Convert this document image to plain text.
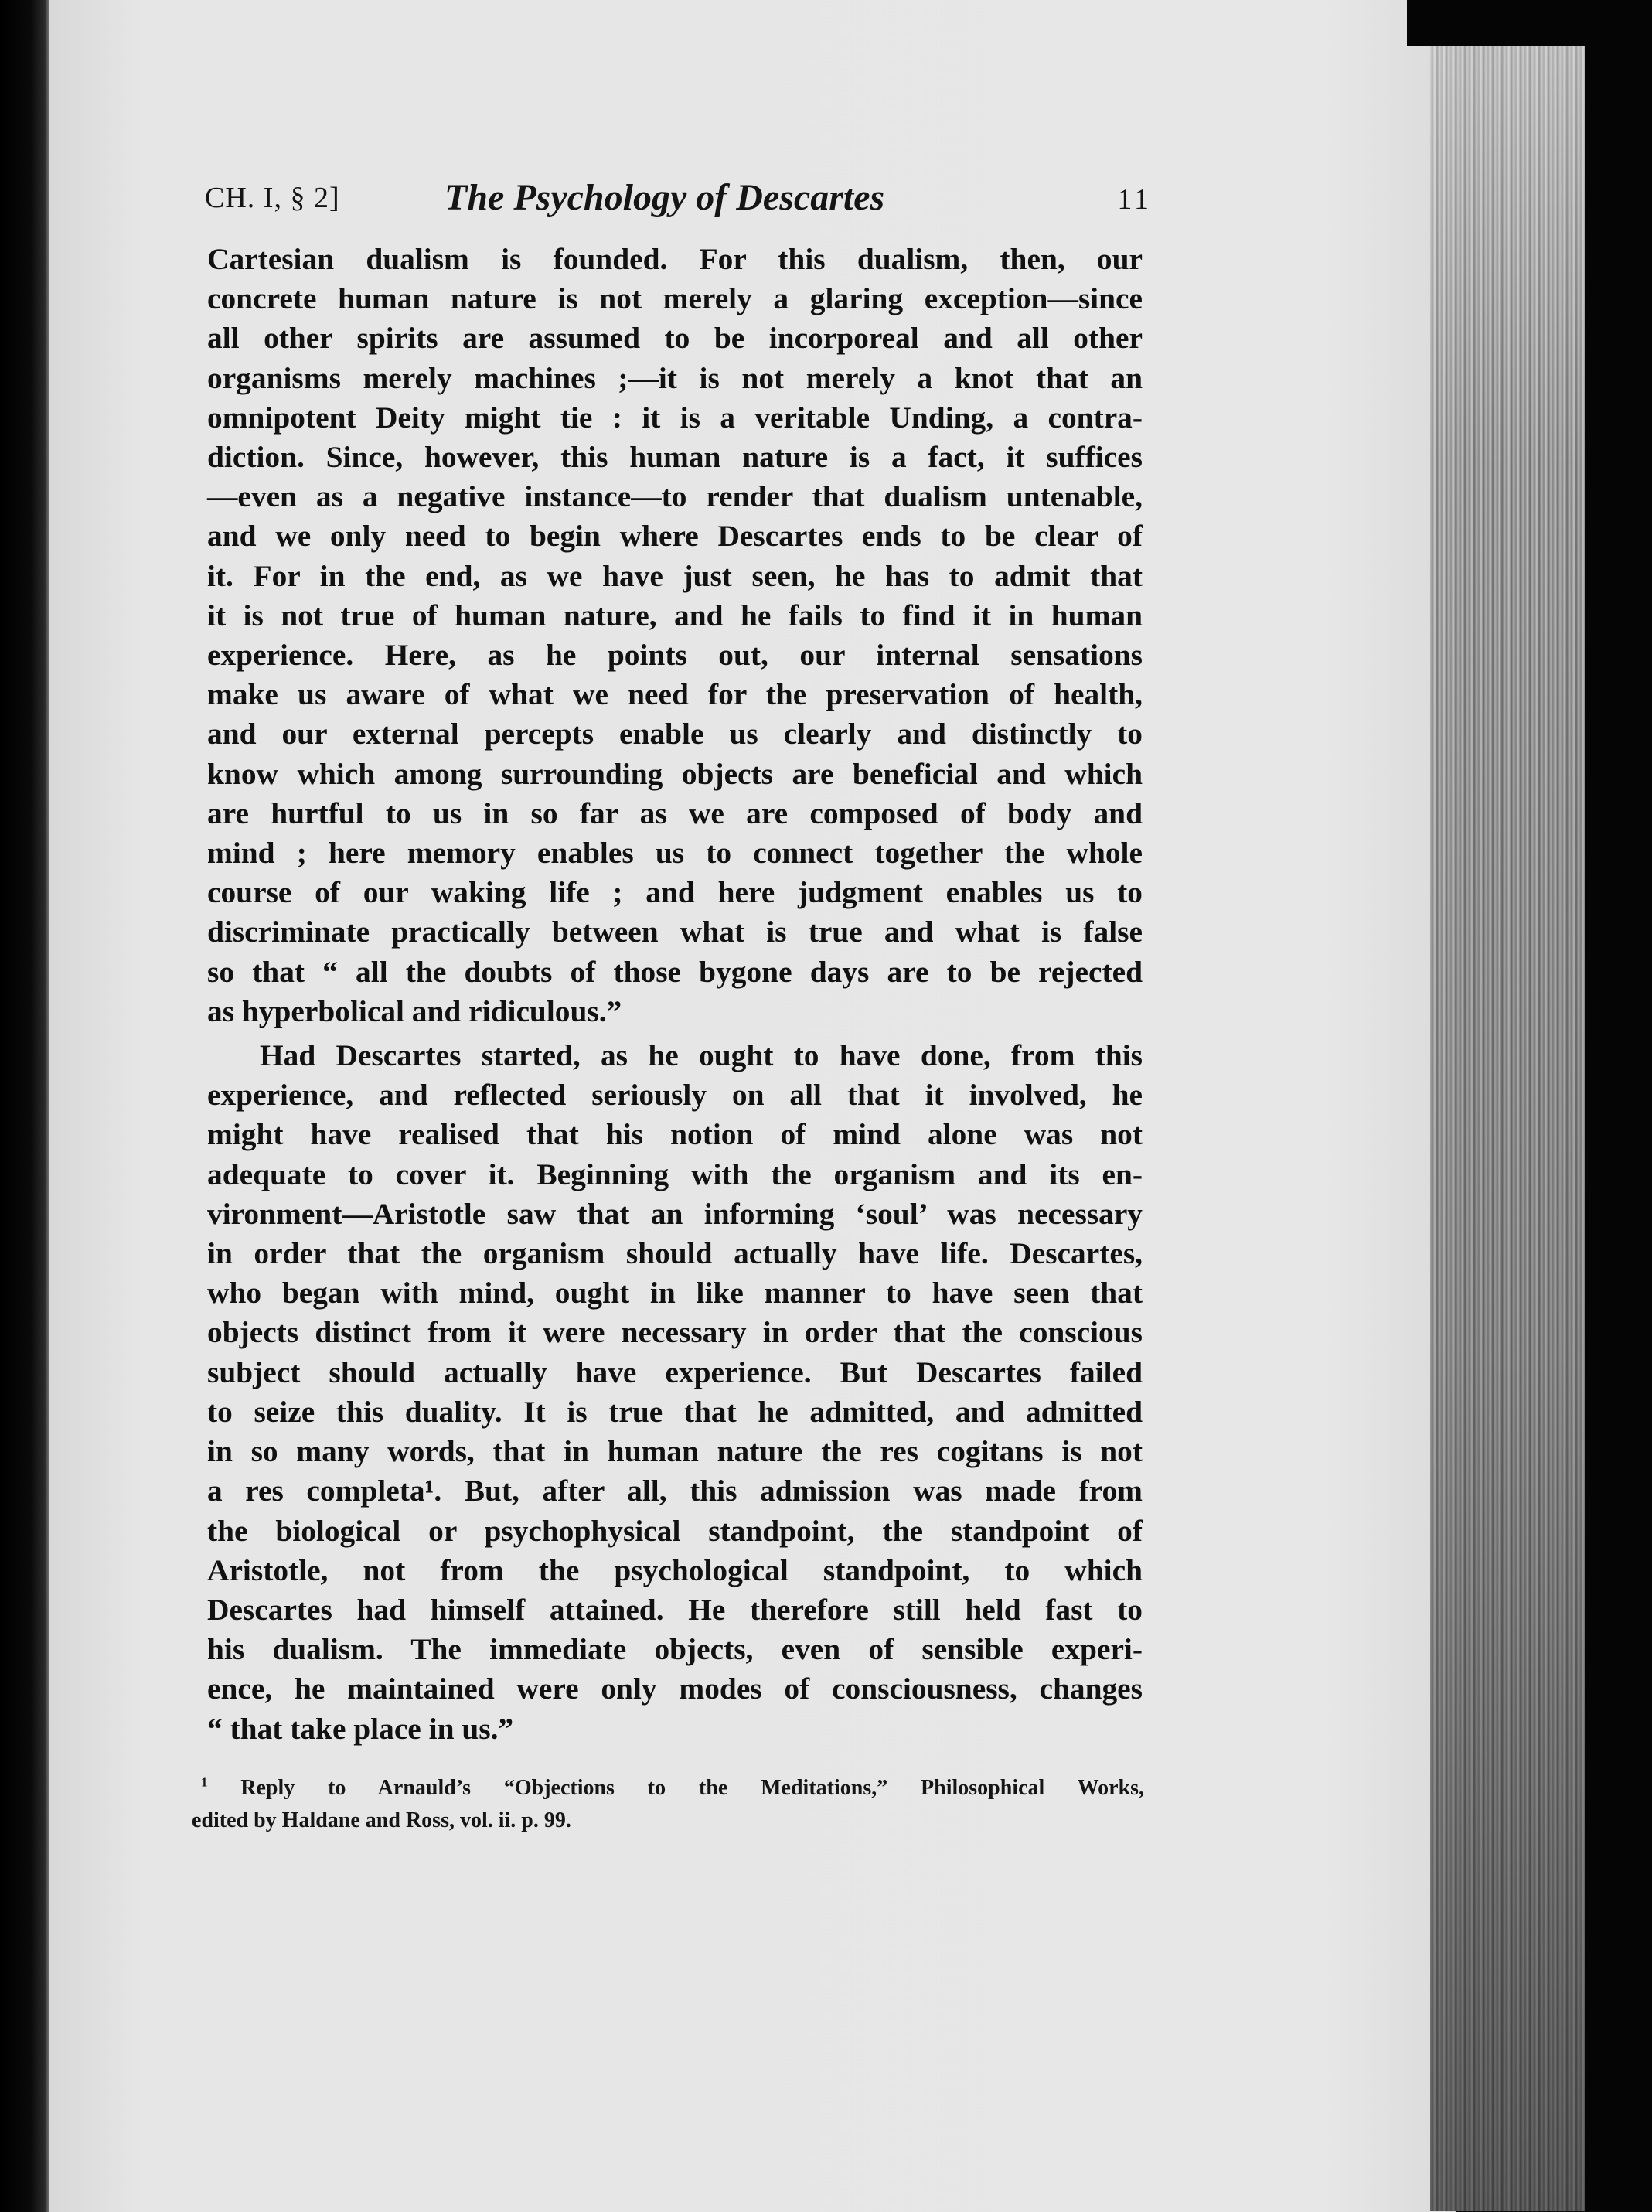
CH. I, § 2]	The Psychology of Descartes	11
Cartesian dualism is founded. For this dualism, then, our
concrete human nature is not merely a glaring exception—since
all other spirits are assumed to be incorporeal and all other
organisms merely machines ;—it is not merely a knot that an
omnipotent Deity might tie : it is a veritable Unding, a contra-
diction. Since, however, this human nature is a fact, it suffices
—even as a negative instance—to render that dualism untenable,
and we only need to begin where Descartes ends to be clear of
it. For in the end, as we have just seen, he has to admit that
it is not true of human nature, and he fails to find it in human
experience. Here, as he points out, our internal sensations
make us aware of what we need for the preservation of health,
and our external percepts enable us clearly and distinctly to
know which among surrounding objects are beneficial and which
are hurtful to us in so far as we are composed of body and
mind ; here memory enables us to connect together the whole
course of our waking life ; and here judgment enables us to
discriminate practically between what is true and what is false
so that “ all the doubts of those bygone days are to be rejected
as hyperbolical and ridiculous.”
Had Descartes started, as he ought to have done, from this
experience, and reflected seriously on all that it involved, he
might have realised that his notion of mind alone was not
adequate to cover it. Beginning with the organism and its en-
vironment—Aristotle saw that an informing ‘soul’ was necessary
in order that the organism should actually have life. Descartes,
who began with mind, ought in like manner to have seen that
objects distinct from it were necessary in order that the conscious
subject should actually have experience. But Descartes failed
to seize this duality. It is true that he admitted, and admitted
in so many words, that in human nature the res cogitans is not
a res completa¹. But, after all, this admission was made from
the biological or psychophysical standpoint, the standpoint of
Aristotle, not from the psychological standpoint, to which
Descartes had himself attained. He therefore still held fast to
his dualism. The immediate objects, even of sensible experi-
ence, he maintained were only modes of consciousness, changes
“ that take place in us.”
$^1$ Reply to Arnauld’s “Objections to the Meditations,” Philosophical Works,
edited by Haldane and Ross, vol. ii. p. 99.
